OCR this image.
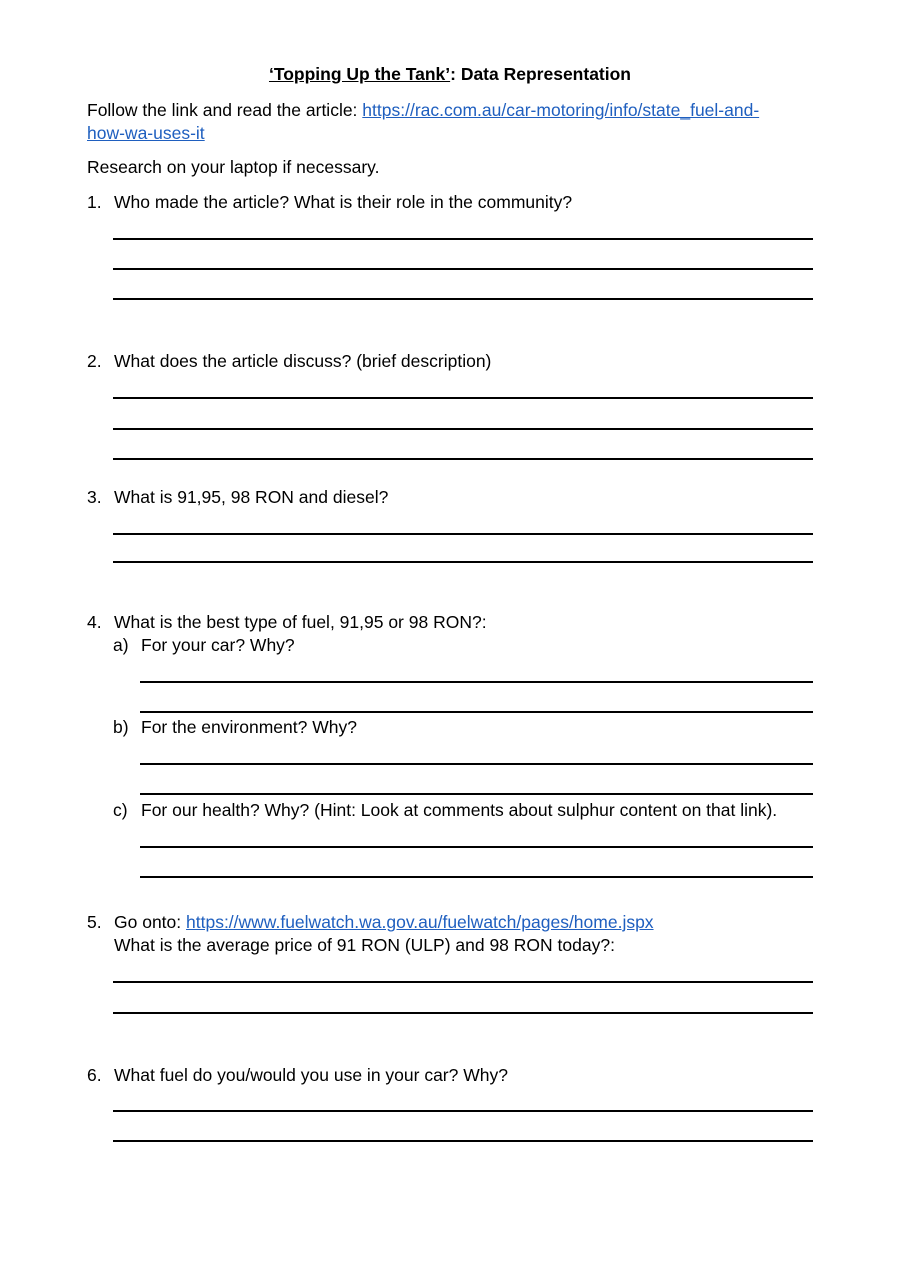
‘Topping Up the Tank’: Data Representation
Follow the link and read the article: https://rac.com.au/car-motoring/info/state_fuel-and-
how-wa-uses-it
Research on your laptop if necessary.
1. Who made the article? What is their role in the community?
2. What does the article discuss? (brief description)
3. What is 91,95, 98 RON and diesel?
4. What is the best type of fuel, 91,95 or 98 RON?:
a) For your car? Why?
b) For the environment? Why?
c) For our health? Why? (Hint: Look at comments about sulphur content on that link).
5. Go onto: https://www.fuelwatch.wa.gov.au/fuelwatch/pages/home.jspx
What is the average price of 91 RON (ULP) and 98 RON today?:
6. What fuel do you/would you use in your car? Why?
